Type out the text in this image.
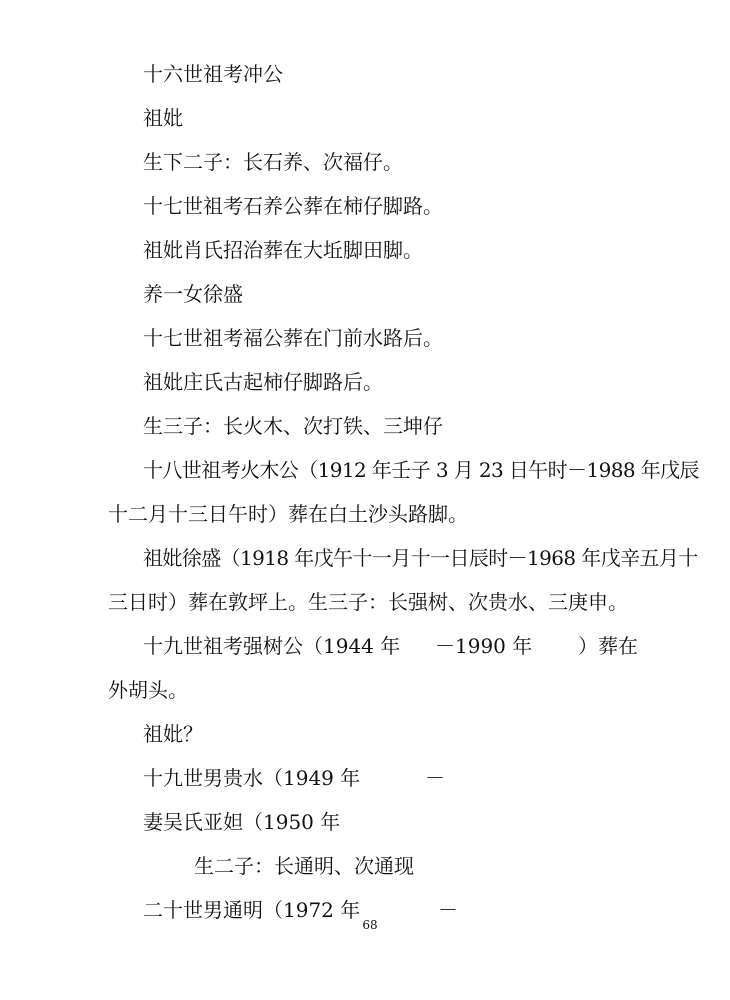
十六世祖考冲公
祖妣
生下二子：长石养、次福仔。
十七世祖考石养公葬在柿仔脚路。
祖妣肖氏招治葬在大坵脚田脚。
养一女徐盛
十七世祖考福公葬在门前水路后。
祖妣庄氏古起柿仔脚路后。
生三子：长火木、次打铁、三坤仔
十八世祖考火木公（1912 年壬子 3 月 23 日午时－1988 年戊辰
十二月十三日午时）葬在白土沙头路脚。
祖妣徐盛（1918 年戊午十一月十一日辰时－1968 年戊辛五月十
三日时）葬在敦坪上。生三子：长强树、次贵水、三庚申。
十九世祖考强树公（1944 年 －1990 年 ）葬在
外胡头。
祖妣？
十九世男贵水（1949 年	－
妻吴氏亚妲（1950 年
生二子：长通明、次通现
二十世男通明（1972 年	－
68
